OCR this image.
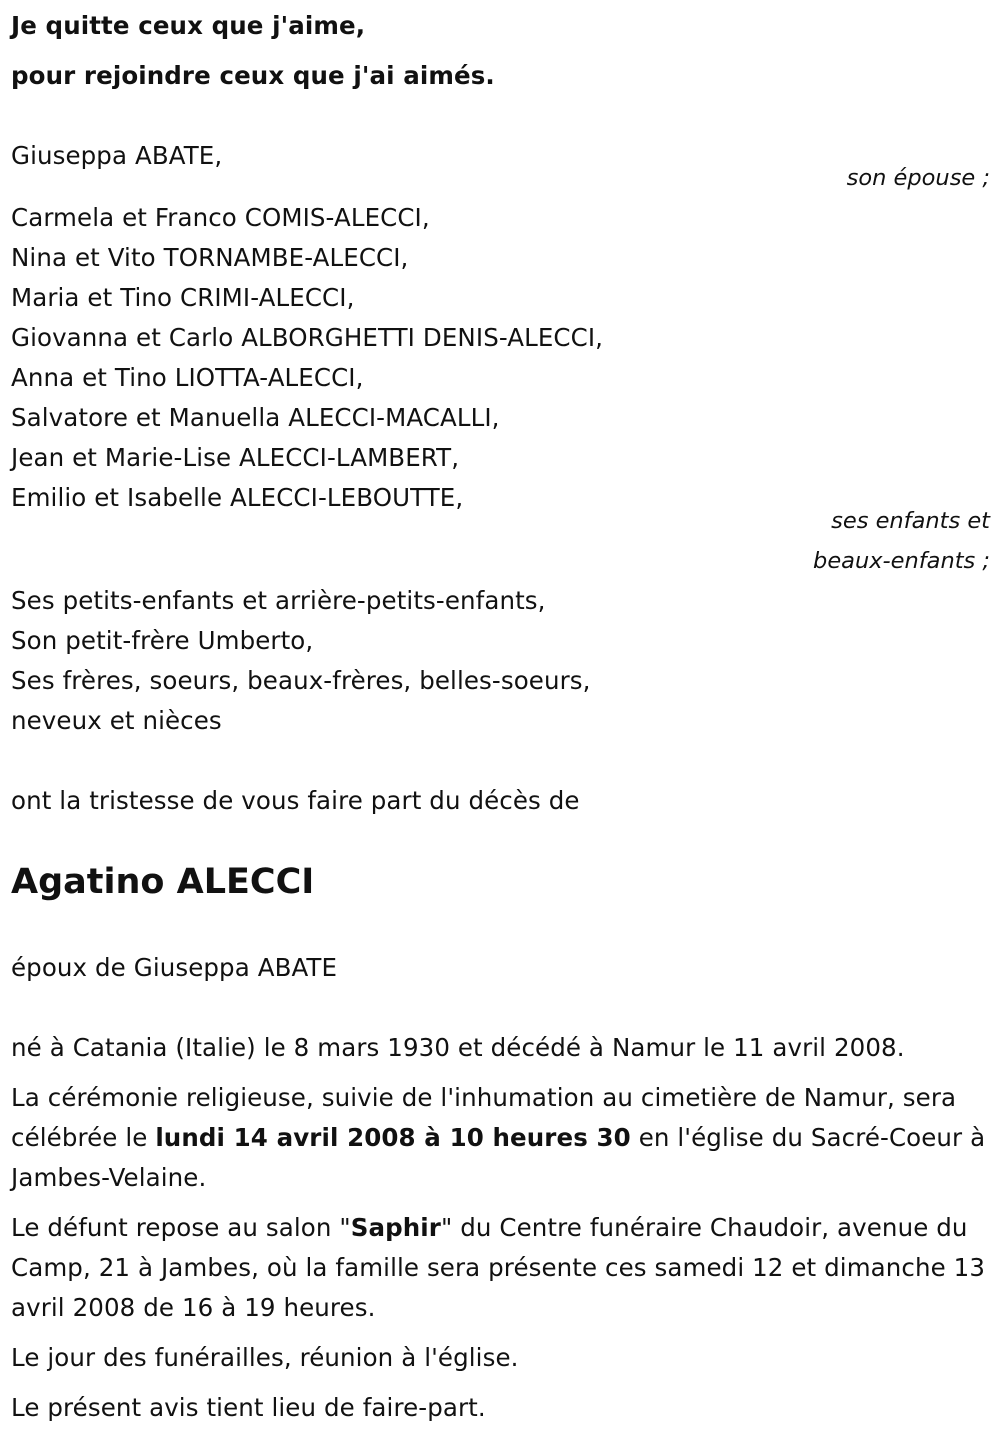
Je quitte ceux que j'aime,
pour rejoindre ceux que j'ai aimés.
Giuseppa ABATE,
son épouse ;
Carmela et Franco COMIS-ALECCI,
Nina et Vito TORNAMBE-ALECCI,
Maria et Tino CRIMI-ALECCI,
Giovanna et Carlo ALBORGHETTI DENIS-ALECCI,
Anna et Tino LIOTTA-ALECCI,
Salvatore et Manuella ALECCI-MACALLI,
Jean et Marie-Lise ALECCI-LAMBERT,
Emilio et Isabelle ALECCI-LEBOUTTE,
ses enfants et
beaux-enfants ;
Ses petits-enfants et arrière-petits-enfants,
Son petit-frère Umberto,
Ses frères, soeurs, beaux-frères, belles-soeurs,
neveux et nièces
ont la tristesse de vous faire part du décès de
Agatino ALECCI
époux de Giuseppa ABATE
né à Catania (Italie) le 8 mars 1930 et décédé à Namur le 11 avril 2008.
La cérémonie religieuse, suivie de l'inhumation au cimetière de Namur, sera célébrée le lundi 14 avril 2008 à 10 heures 30 en l'église du Sacré-Coeur à Jambes-Velaine.
Le défunt repose au salon "Saphir" du Centre funéraire Chaudoir, avenue du Camp, 21 à Jambes, où la famille sera présente ces samedi 12 et dimanche 13 avril 2008 de 16 à 19 heures.
Le jour des funérailles, réunion à l'église.
Le présent avis tient lieu de faire-part.
